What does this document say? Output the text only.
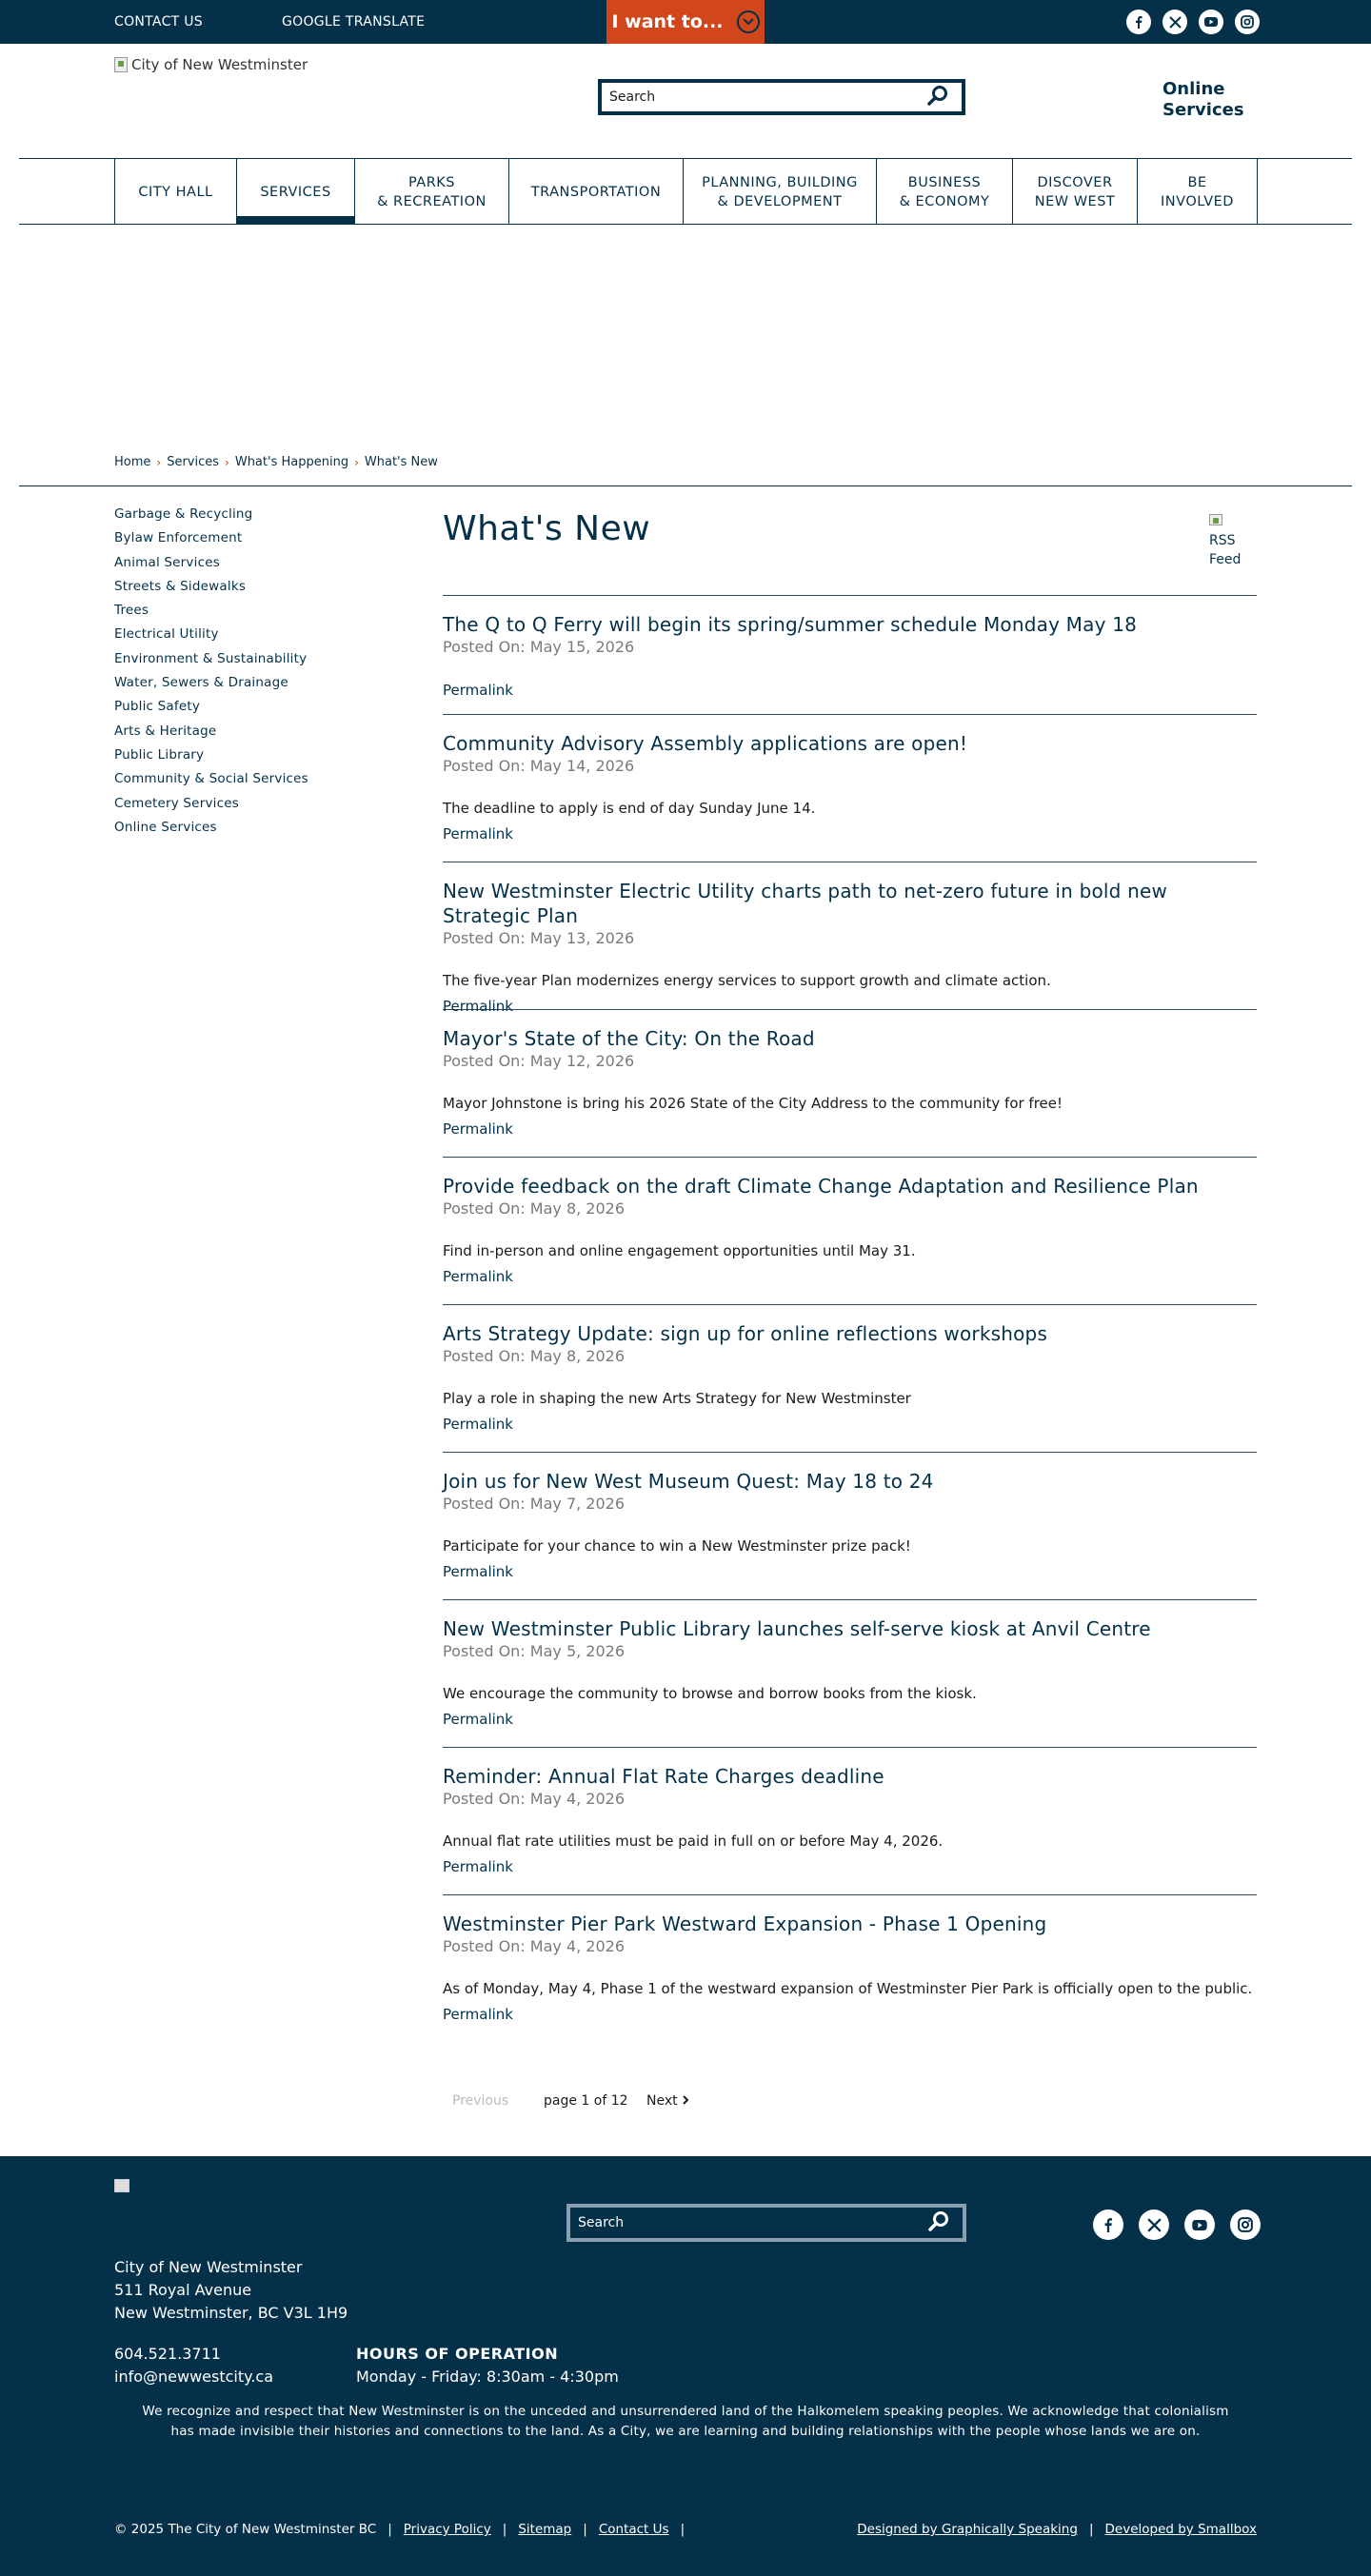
CONTACT US	GOOGLE TRANSLATE	I want to...
City of New Westminster
Search	Online Services
CITY HALL	SERVICES
PARKS
& RECREATION
TRANSPORTATION
PLANNING, BUILDING
& DEVELOPMENT
BUSINESS
& ECONOMY
DISCOVER
NEW WEST
BE
INVOLVED
Home › Services › What's Happening › What's New
Garbage & Recycling
Bylaw Enforcement
Animal Services
Streets & Sidewalks
Trees
Electrical Utility
Environment & Sustainability
Water, Sewers & Drainage
Public Safety
Arts & Heritage
Public Library
Community & Social Services
Cemetery Services
Online Services
What's New	RSS Feed
The Q to Q Ferry will begin its spring/summer schedule Monday May 18
Posted On: May 15, 2026
Permalink
Community Advisory Assembly applications are open!
Posted On: May 14, 2026

The deadline to apply is end of day Sunday June 14.

Permalink
New Westminster Electric Utility charts path to net-zero future in bold new Strategic Plan
Posted On: May 13, 2026

The five-year Plan modernizes energy services to support growth and climate action.

Permalink
Mayor's State of the City: On the Road
Posted On: May 12, 2026

Mayor Johnstone is bring his 2026 State of the City Address to the community for free!

Permalink
Provide feedback on the draft Climate Change Adaptation and Resilience Plan
Posted On: May 8, 2026

Find in-person and online engagement opportunities until May 31.

Permalink
Arts Strategy Update: sign up for online reflections workshops
Posted On: May 8, 2026

Play a role in shaping the new Arts Strategy for New Westminster

Permalink
Join us for New West Museum Quest: May 18 to 24
Posted On: May 7, 2026

Participate for your chance to win a New Westminster prize pack!

Permalink
New Westminster Public Library launches self-serve kiosk at Anvil Centre
Posted On: May 5, 2026

We encourage the community to browse and borrow books from the kiosk.

Permalink
Reminder: Annual Flat Rate Charges deadline
Posted On: May 4, 2026

Annual flat rate utilities must be paid in full on or before May 4, 2026.

Permalink
Westminster Pier Park Westward Expansion - Phase 1 Opening
Posted On: May 4, 2026

As of Monday, May 4, Phase 1 of the westward expansion of Westminster Pier Park is officially open to the public.

Permalink
Previous	page 1 of 12	Next
Search
City of New Westminster
511 Royal Avenue
New Westminster, BC V3L 1H9
604.521.3711
info@newwestcity.ca
HOURS OF OPERATION
Monday - Friday: 8:30am - 4:30pm

We recognize and respect that New Westminster is on the unceded and unsurrendered land of the Halkomelem speaking peoples. We acknowledge that colonialism has made invisible their histories and connections to the land. As a City, we are learning and building relationships with the people whose lands we are on.

© 2025 The City of New Westminster BC | Privacy Policy | Sitemap | Contact Us |	Designed by Graphically Speaking | Developed by Smallbox
